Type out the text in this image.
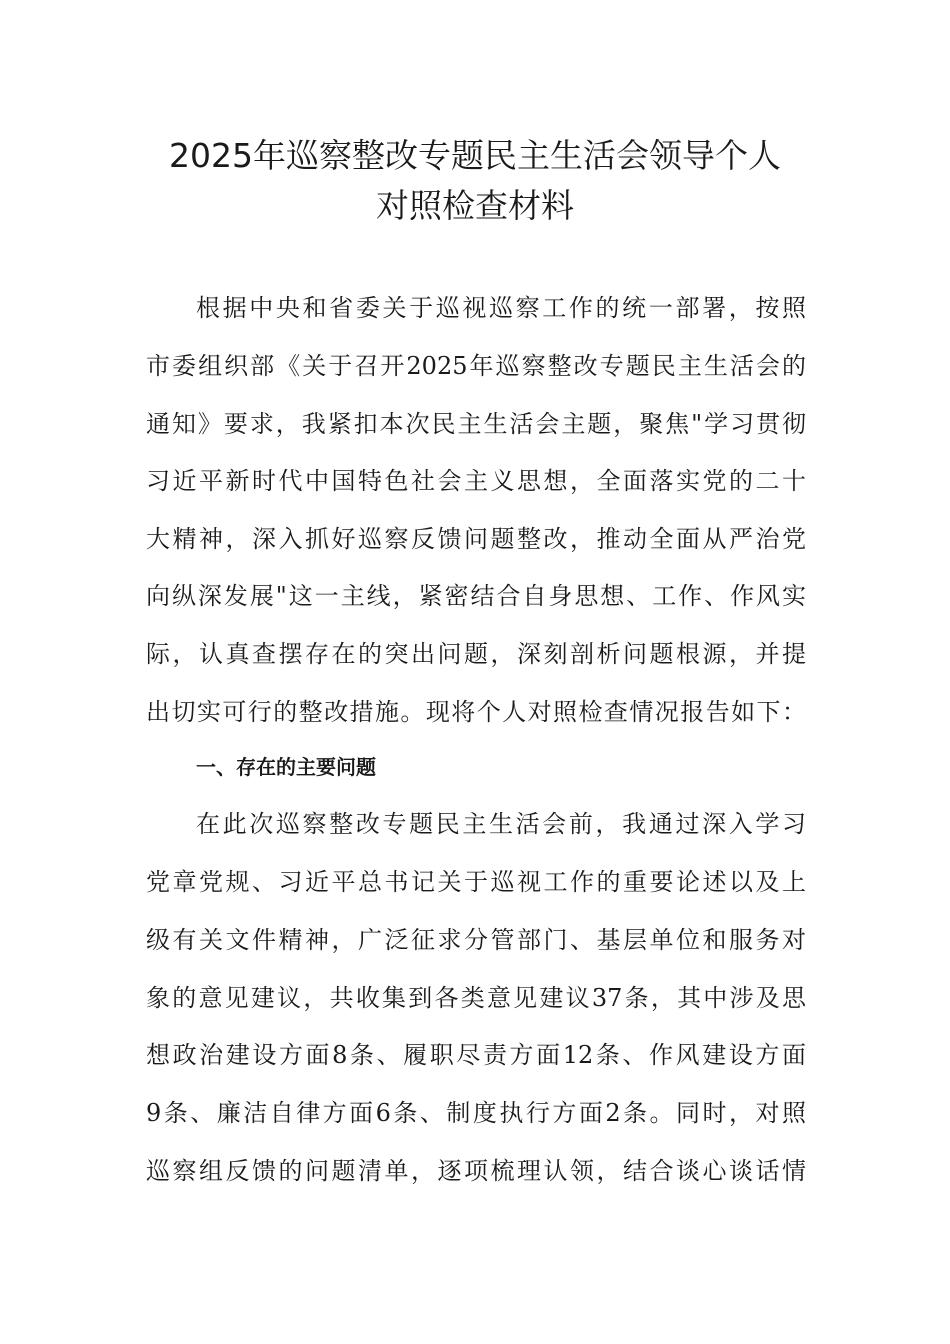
2025年巡察整改专题民主生活会领导个人
对照检查材料
根据中央和省委关于巡视巡察工作的统一部署，按照
市委组织部《关于召开2025年巡察整改专题民主生活会的
通知》要求，我紧扣本次民主生活会主题，聚焦"学习贯彻
习近平新时代中国特色社会主义思想，全面落实党的二十
大精神，深入抓好巡察反馈问题整改，推动全面从严治党
向纵深发展"这一主线，紧密结合自身思想、工作、作风实
际，认真查摆存在的突出问题，深刻剖析问题根源，并提
出切实可行的整改措施。现将个人对照检查情况报告如下：
一、存在的主要问题
在此次巡察整改专题民主生活会前，我通过深入学习
党章党规、习近平总书记关于巡视工作的重要论述以及上
级有关文件精神，广泛征求分管部门、基层单位和服务对
象的意见建议，共收集到各类意见建议37条，其中涉及思
想政治建设方面8条、履职尽责方面12条、作风建设方面
9条、廉洁自律方面6条、制度执行方面2条。同时，对照
巡察组反馈的问题清单，逐项梳理认领，结合谈心谈话情
